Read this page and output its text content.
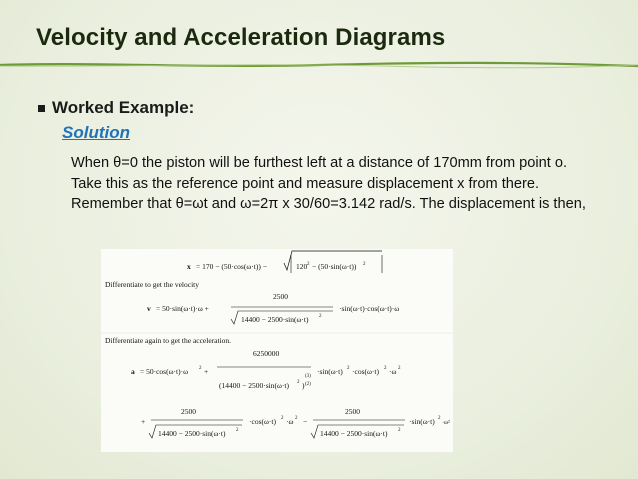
Velocity and Acceleration Diagrams
Worked Example:
Solution

When θ=0 the piston will be furthest left at a distance of 170mm from point o. Take this as the reference point and measure displacement x from there. Remember that θ=ωt and ω=2π x 30/60=3.142 rad/s. The displacement is then,

x = 170 − (50·cos(ω·t)) −	120 2 − (50·sin(ω·t)) 2
Differentiate to get the velocity
v = 50·sin(ω·t)·ω +
2500
14400 − 2500·sin(ω·t) 2
·sin(ω·t)·cos(ω·t)·ω
Differentiate again to get the acceleration.
a = 50·cos(ω·t)·ω 2 +
6250000
(14400 − 2500·sin(ω·t) 2 )
(3)
(2)
·sin(ω·t) 2 ·cos(ω·t) 2 ·ω 2
+
2500
14400 − 2500·sin(ω·t) 2
·cos(ω·t) 2 ·ω 2 −
2500
14400 − 2500·sin(ω·t) 2
·sin(ω·t) 2
·ω²
